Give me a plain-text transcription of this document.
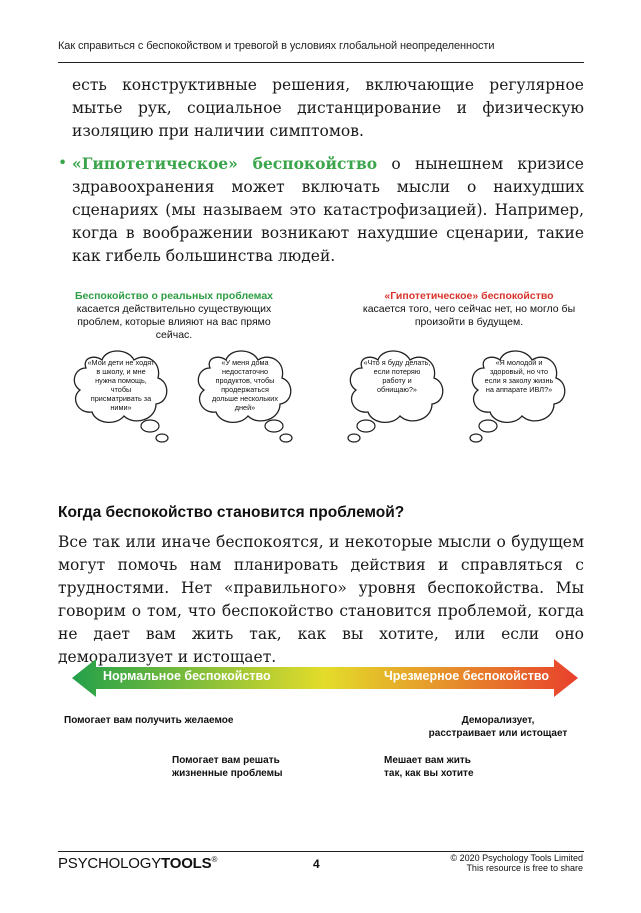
Как справиться с беспокойством и тревогой в условиях глобальной неопределенности
есть конструктивные решения, включающие регулярное мытье рук, социальное дистанцирование и физическую изоляцию при наличии симптомов.
• «Гипотетическое» беспокойство о нынешнем кризисе здравоохранения может включать мысли о наихудших сценариях (мы называем это катастрофизацией). Например, когда в воображении возникают нахудшие сценарии, такие как гибель большинства людей.
Беспокойство о реальных проблемах
касается действительно существующих проблем, которые влияют на вас прямо сейчас.
«Гипотетическое» беспокойство
касается того, чего сейчас нет, но могло бы произойти в будущем.
«Мои дети не ходят в школу, и мне нужна помощь, чтобы присматривать за ними»
«У меня дома недостаточно продуктов, чтобы продержаться дольше нескольких дней»
«Что я буду делать, если потеряю работу и обнищаю?»
«Я молодой и здоровый, но что если я заколу жизнь на аппарате ИВЛ?»
Когда беспокойство становится проблемой?
Все так или иначе беспокоятся, и некоторые мысли о будущем могут помочь нам планировать действия и справляться с трудностями. Нет «правильного» уровня беспокойства. Мы говорим о том, что беспокойство становится проблемой, когда не дает вам жить так, как вы хотите, или если оно деморализует и истощает.
Нормальное беспокойство	Чрезмерное беспокойство
Помогает вам получить желаемое	Деморализует, расстраивает или истощает
Помогает вам решать жизненные проблемы
Мешает вам жить так, как вы хотите
PSYCHOLOGYTOOLS®	4	© 2020 Psychology Tools Limited
This resource is free to share
